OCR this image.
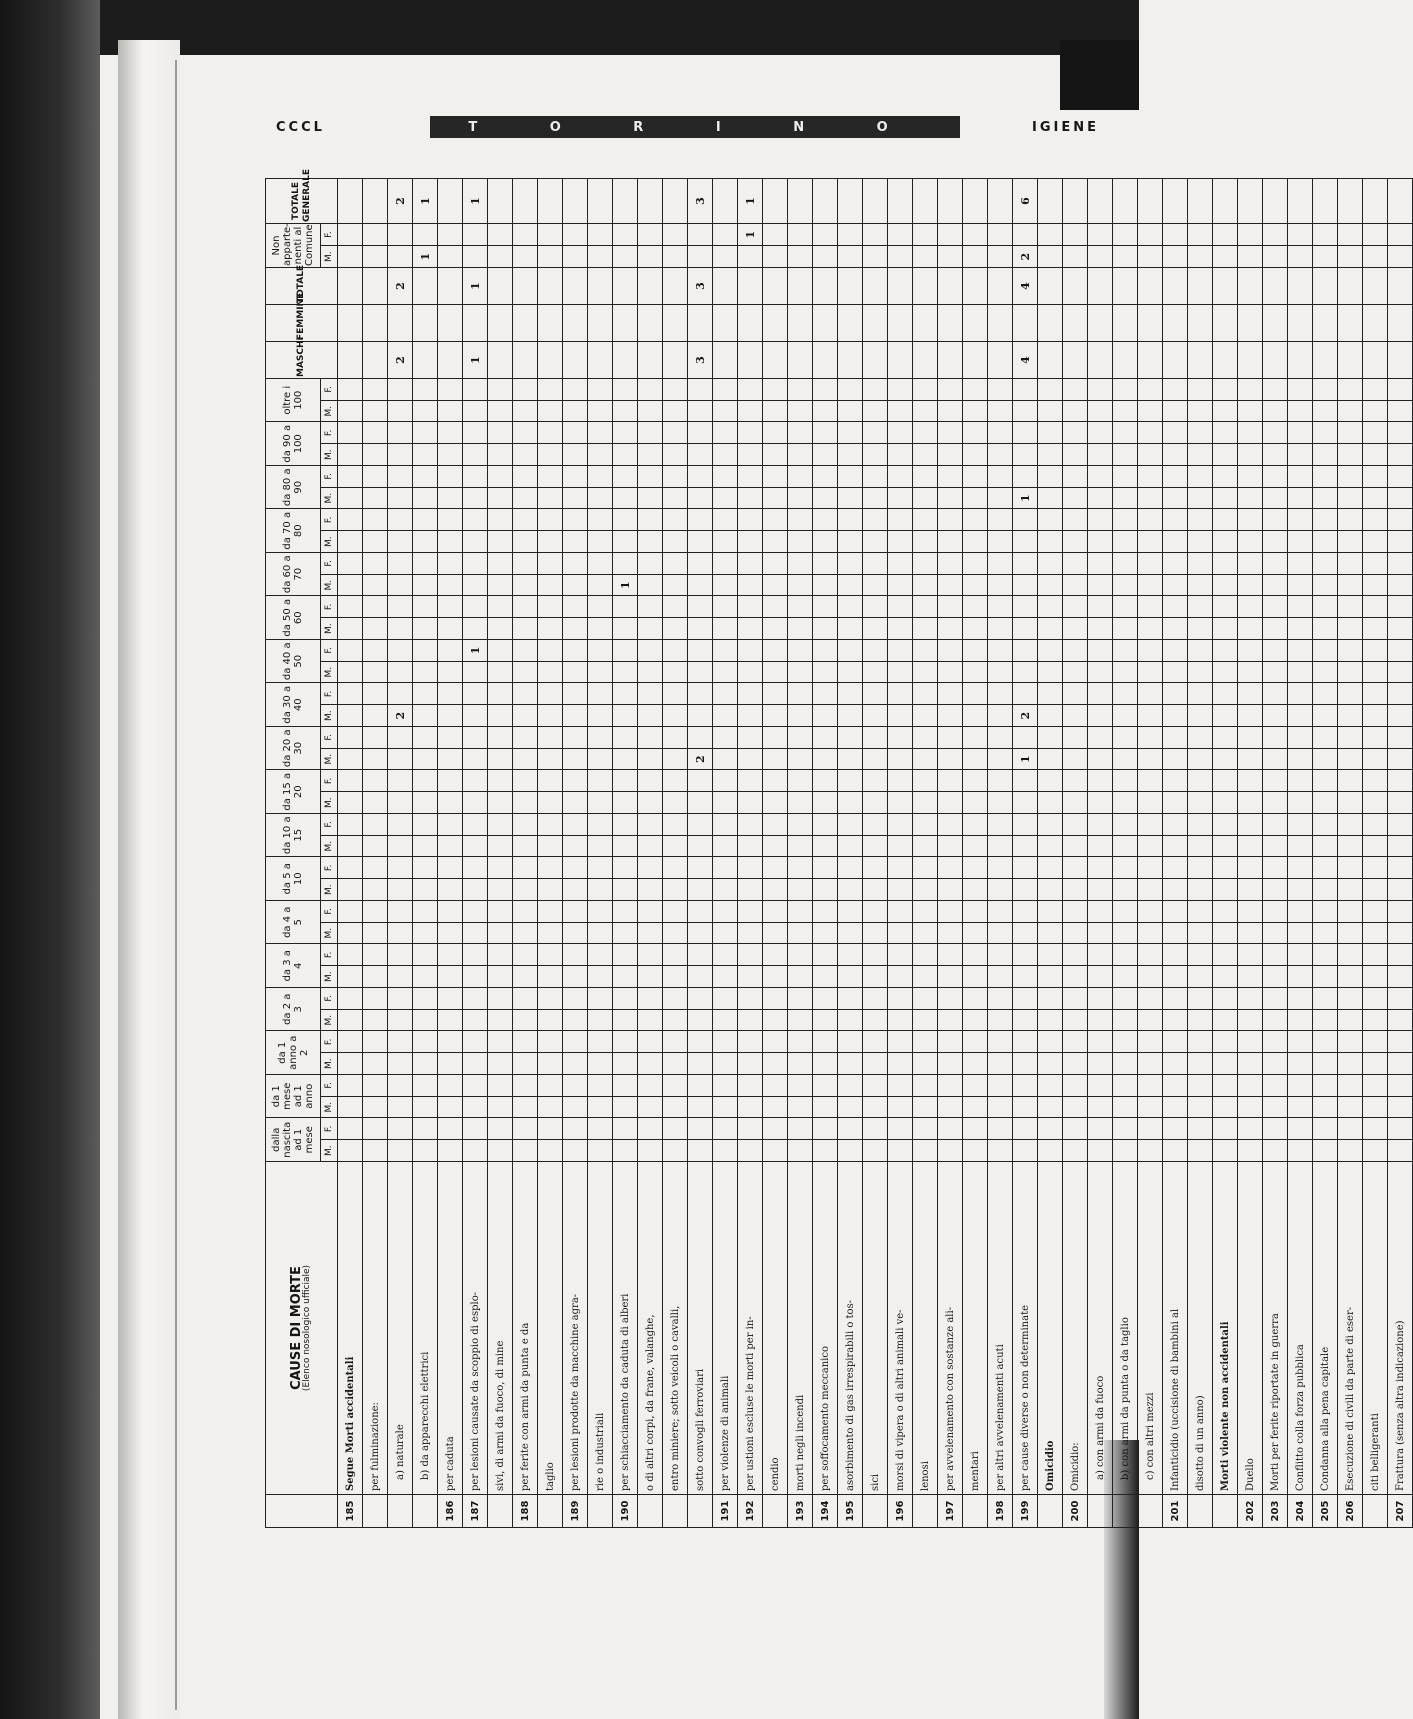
CCCL	T O R I N O	IGIENE

	CAUSE DI MORTE
(Elenco nosologico ufficiale)	dalla nascita ad 1 mese		da 1 mese ad 1 anno		da 1 anno a 2		da 2 a 3		da 3 a 4		da 4 a 5		da 5 a 10		da 10 a 15		da 15 a 20		da 20 a 30		da 30 a 40		da 40 a 50		da 50 a 60		da 60 a 70		da 70 a 80		da 80 a 90		da 90 a 100		oltre i 100		MASCHI	FEMMINE	TOTALE	Non apparte-nenti al Comune		TOTALE GENERALE
		M.	F.	M.	F.	M.	F.	M.	F.	M.	F.	M.	F.	M.	F.	M.	F.	M.	F.	M.	F.	M.	F.	M.	F.	M.	F.	M.	F.	M.	F.	M.	F.	M.	F.	M.	F.				M.	F.	
185	Segue Morti accidentali																																										
	per fulminazione:																																										
	a) naturale																					2																2		2			2
	b) da apparecchi elettrici																																								1		1
186	per caduta																																										
187	per lesioni causate da scoppio di esplo-																								1													1		1			1
	sivi, di armi da fuoco, di mine																																										
188	per ferite con armi da punta e da																																										
	taglio																																										
189	per lesioni prodotte da macchine agra-																																										
	rie o industriali																																										
190	per schiacciamento da caduta di alberi																											1															
	o di altri corpi, da frane, valanghe,																																										
	entro miniere; sotto veicoli o cavalli,																																										
	sotto convogli ferroviari																			2																		3		3			3
191	per violenze di animali																																										
192	per ustioni escluse le morti per in-																																									1	1
	cendio																																										
193	morti negli incendi																																										
194	per soffocamento meccanico																																										
195	asorbimento di gas irrespirabili o tos-																																										
	sici																																										
196	morsi di vipera o di altri animali ve-																																										
	lenosi																																										
197	per avvelenamento con sostanze ali-																																										
	mentari																																										
198	per altri avvelenamenti acuti																																										
199	per cause diverse o non determinate																			1		2										1						4		4	2		6
	Omicidio																																										
200	Omicidio:																																										
	a) con armi da fuoco																																										
	b) con armi da punta o da taglio																																										
	c) con altri mezzi																																										
201	Infanticidio (uccisione di bambini al																																										
	disotto di un anno)																																										
	Morti violente non accidentali																																										
202	Duello																																										
203	Morti per ferite riportate in guerra																																										
204	Conflitto colla forza pubblica																																										
205	Condanna alla pena capitale																																										
206	Esecuzione di civili da parte di eser-																																										
	citi belligeranti																																										
207	Frattura (senza altra indicazione)																																										
